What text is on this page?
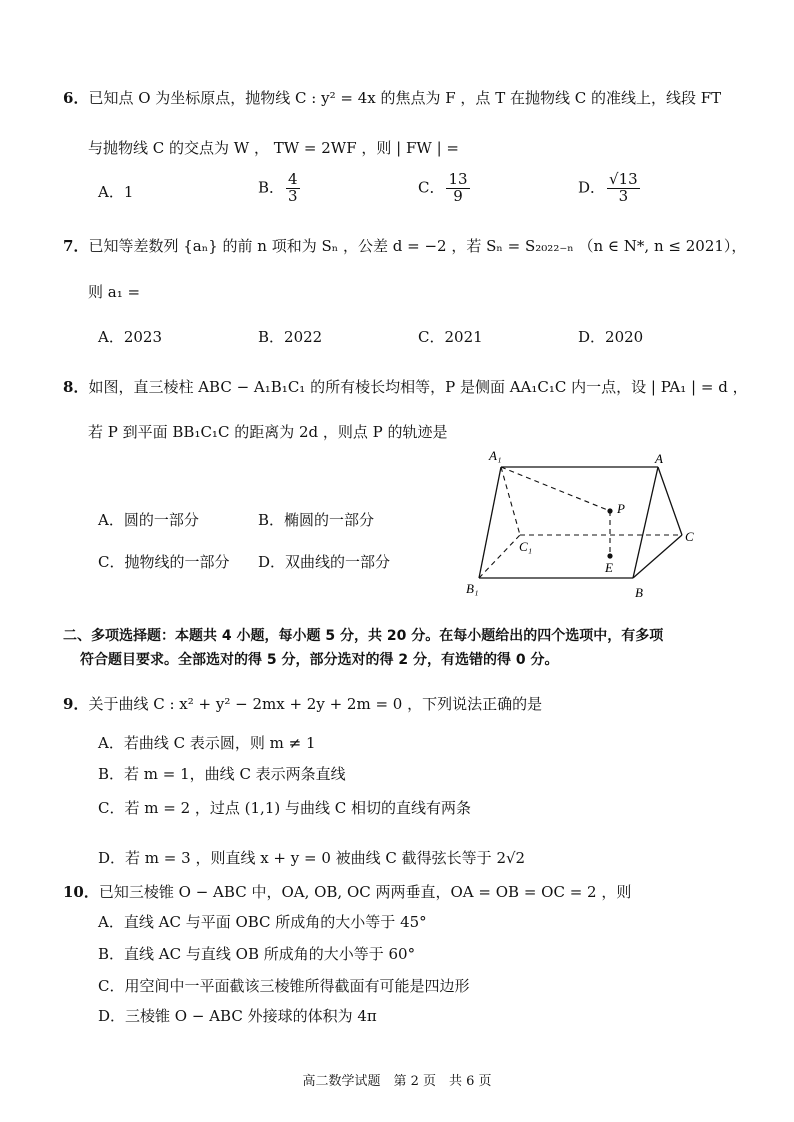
6．已知点 O 为坐标原点，抛物线 C : y² = 4x 的焦点为 F ，点 T 在抛物线 C 的准线上，线段 FT
与抛物线 C 的交点为 W ， TW = 2WF ，则 | FW | =
A．1	B． $\frac{4}{3}$	C． $\frac{13}{9}$	D． $\frac{√13}{3}$
7．已知等差数列 {aₙ} 的前 n 项和为 Sₙ ，公差 d = −2 ，若 Sₙ = S₂₀₂₂₋ₙ （n ∈ N*, n ≤ 2021），
则 a₁ =
A．2023	B．2022	C．2021	D．2020
8．如图，直三棱柱 ABC − A₁B₁C₁ 的所有棱长均相等，P 是侧面 AA₁C₁C 内一点，设 | PA₁ | = d ，
若 P 到平面 BB₁C₁C 的距离为 2d ，则点 P 的轨迹是
A．圆的一部分	B．椭圆的一部分
C．抛物线的一部分 D．双曲线的一部分
A₁	A
P
C₁
C
E
B₁	B
二、多项选择题：本题共 4 小题，每小题 5 分，共 20 分。在每小题给出的四个选项中，有多项
符合题目要求。全部选对的得 5 分，部分选对的得 2 分，有选错的得 0 分。
9．关于曲线 C : x² + y² − 2mx + 2y + 2m = 0 ，下列说法正确的是
A．若曲线 C 表示圆，则 m ≠ 1
B．若 m = 1，曲线 C 表示两条直线
C．若 m = 2 ，过点 (1,1) 与曲线 C 相切的直线有两条
D．若 m = 3 ，则直线 x + y = 0 被曲线 C 截得弦长等于 2√2
10．已知三棱锥 O − ABC 中，OA, OB, OC 两两垂直，OA = OB = OC = 2 ，则
A．直线 AC 与平面 OBC 所成角的大小等于 45°
B．直线 AC 与直线 OB 所成角的大小等于 60°
C．用空间中一平面截该三棱锥所得截面有可能是四边形
D．三棱锥 O − ABC 外接球的体积为 4π
高二数学试题　第 2 页　共 6 页
